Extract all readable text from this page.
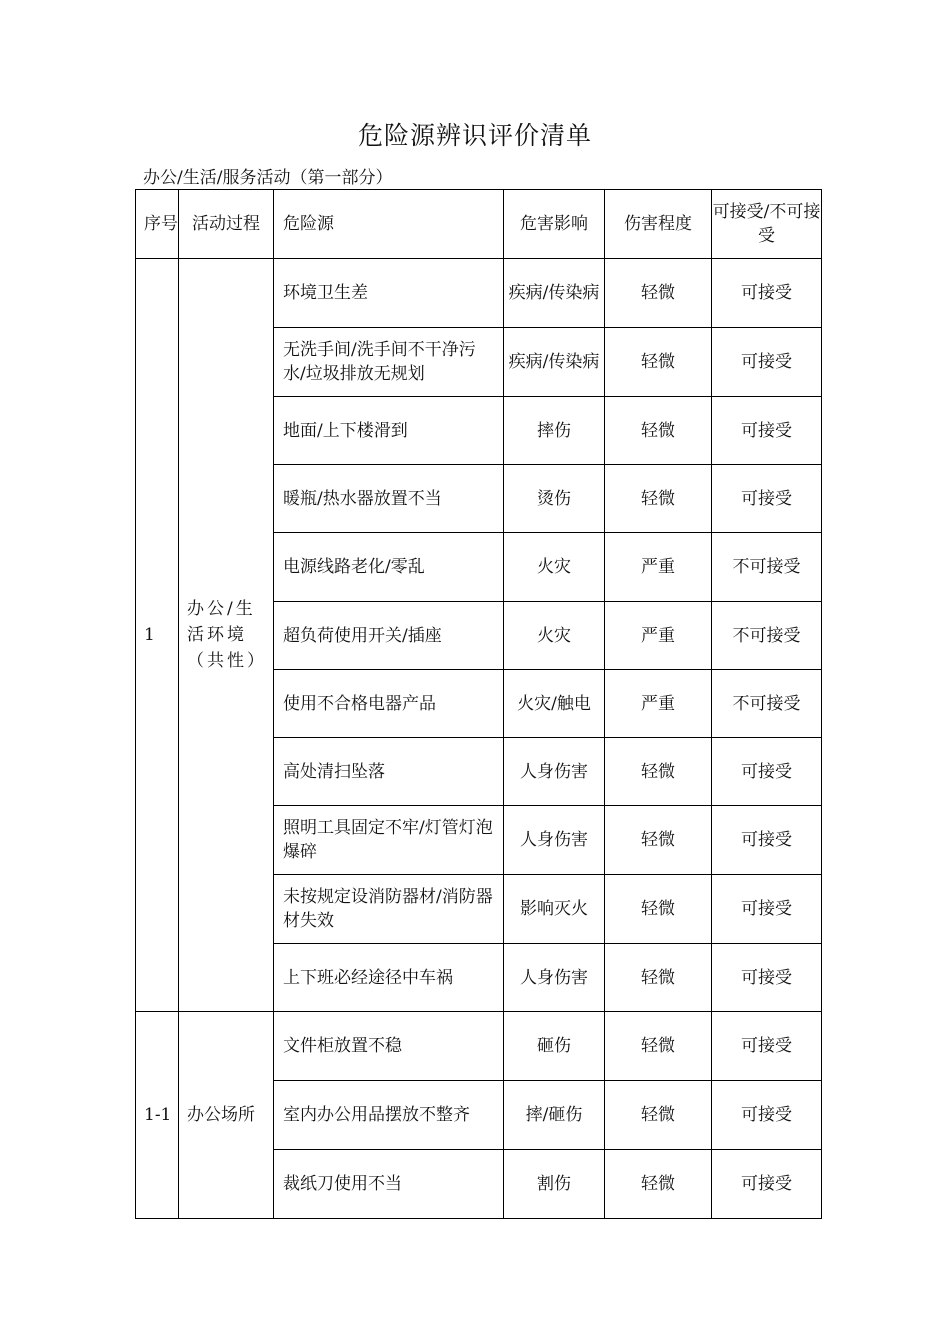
危险源辨识评价清单
办公/生活/服务活动（第一部分）
序号	活动过程	危险源	危害影响	伤害程度	可接受/不可接受
1	办公/生活环境（共性）	环境卫生差	疾病/传染病	轻微	可接受
		无洗手间/洗手间不干净污水/垃圾排放无规划	疾病/传染病	轻微	可接受
		地面/上下楼滑到	摔伤	轻微	可接受
		暖瓶/热水器放置不当	烫伤	轻微	可接受
		电源线路老化/零乱	火灾	严重	不可接受
		超负荷使用开关/插座	火灾	严重	不可接受
		使用不合格电器产品	火灾/触电	严重	不可接受
		高处清扫坠落	人身伤害	轻微	可接受
		照明工具固定不牢/灯管灯泡爆碎	人身伤害	轻微	可接受
		未按规定设消防器材/消防器材失效	影响灭火	轻微	可接受
		上下班必经途径中车祸	人身伤害	轻微	可接受
1-1	办公场所	文件柜放置不稳	砸伤	轻微	可接受
		室内办公用品摆放不整齐	摔/砸伤	轻微	可接受
		裁纸刀使用不当	割伤	轻微	可接受
